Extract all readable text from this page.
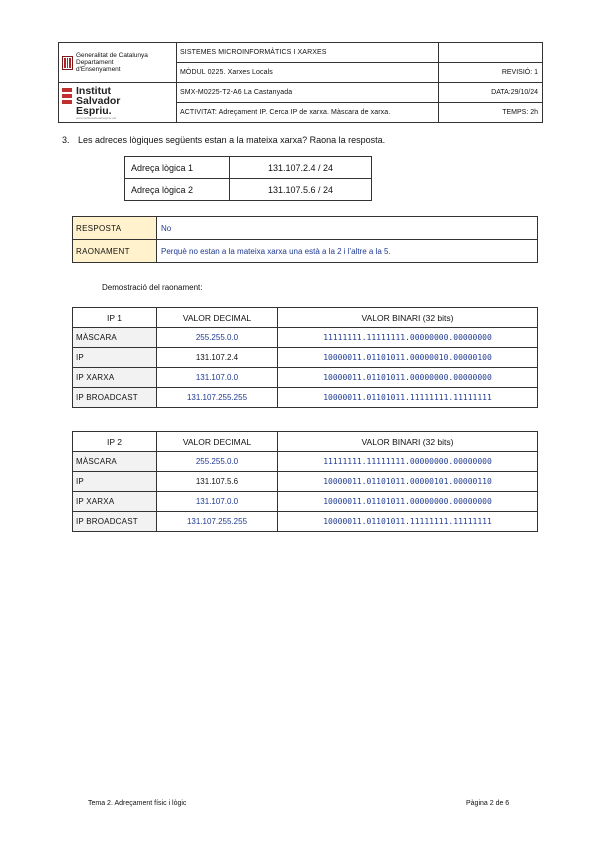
Generalitat de Catalunya
Departament
d'Ensenyament	SISTEMES MICROINFORMÀTICS I XARXES	
	MÒDUL 0225. Xarxes Locals	REVISIÓ: 1

Institut
Salvador
Espriu.
www.institutsalvadorespriu.cat	SMX-M0225-T2-A6 La Castanyada	DATA:29/10/24
	ACTIVITAT: Adreçament IP. Cerca IP de xarxa. Màscara de xarxa.	TEMPS: 2h
3. Les adreces lògiques següents estan a la mateixa xarxa? Raona la resposta.
Adreça lògica 1	131.107.2.4 / 24
Adreça lògica 2	131.107.5.6 / 24
RESPOSTA	No
RAONAMENT	Perquè no estan a la mateixa xarxa una està a la 2 i l'altre a la 5.
Demostració del raonament:
IP 1	VALOR DECIMAL	VALOR BINARI (32 bits)
MÀSCARA	255.255.0.0	11111111.11111111.00000000.00000000
IP	131.107.2.4	10000011.01101011.00000010.00000100
IP XARXA	131.107.0.0	10000011.01101011.00000000.00000000
IP BROADCAST	131.107.255.255	10000011.01101011.11111111.11111111
IP 2	VALOR DECIMAL	VALOR BINARI (32 bits)
MÀSCARA	255.255.0.0	11111111.11111111.00000000.00000000
IP	131.107.5.6	10000011.01101011.00000101.00000110
IP XARXA	131.107.0.0	10000011.01101011.00000000.00000000
IP BROADCAST	131.107.255.255	10000011.01101011.11111111.11111111
Tema 2. Adreçament físic i lògic	Pàgina 2 de 6
